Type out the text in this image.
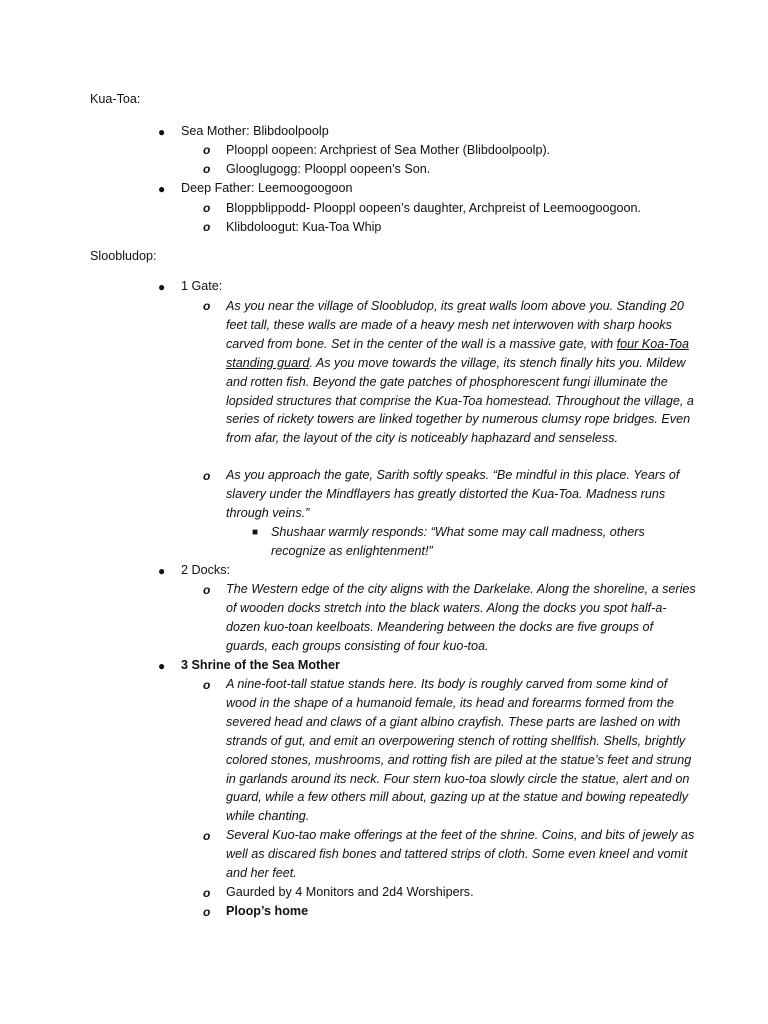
Kua-Toa:
● Sea Mother: Blibdoolpoolp
o Plooppl oopeen: Archpriest of Sea Mother (Blibdoolpoolp).
o Glooglugogg: Plooppl oopeen’s Son.
● Deep Father: Leemoogoogoon
o Bloppblippodd- Plooppl oopeen’s daughter, Archpreist of Leemoogoogoon.
o Klibdoloogut: Kua-Toa Whip
Sloobludop:
● 1 Gate:
o As you near the village of Sloobludop, its great walls loom above you. Standing 20 feet tall, these walls are made of a heavy mesh net interwoven with sharp hooks carved from bone. Set in the center of the wall is a massive gate, with four Koa-Toa standing guard. As you move towards the village, its stench finally hits you. Mildew and rotten fish. Beyond the gate patches of phosphorescent fungi illuminate the lopsided structures that comprise the Kua-Toa homestead. Throughout the village, a series of rickety towers are linked together by numerous clumsy rope bridges. Even from afar, the layout of the city is noticeably haphazard and senseless.

o As you approach the gate, Sarith softly speaks. “Be mindful in this place. Years of slavery under the Mindflayers has greatly distorted the Kua-Toa. Madness runs through veins.”

■ Shushaar warmly responds: “What some may call madness, others recognize as enlightenment!”

● 2 Docks:
o The Western edge of the city aligns with the Darkelake. Along the shoreline, a series of wooden docks stretch into the black waters. Along the docks you spot half-a-dozen kuo-toan keelboats. Meandering between the docks are five groups of guards, each groups consisting of four kuo-toa.

● 3 Shrine of the Sea Mother
o A nine-foot-tall statue stands here. Its body is roughly carved from some kind of wood in the shape of a humanoid female, its head and forearms formed from the severed head and claws of a giant albino crayfish. These parts are lashed on with strands of gut, and emit an overpowering stench of rotting shellfish. Shells, brightly colored stones, mushrooms, and rotting fish are piled at the statue’s feet and strung in garlands around its neck. Four stern kuo-toa slowly circle the statue, alert and on guard, while a few others mill about, gazing up at the statue and bowing repeatedly while chanting.

o Several Kuo-tao make offerings at the feet of the shrine. Coins, and bits of jewely as well as discared fish bones and tattered strips of cloth. Some even kneel and vomit and her feet.

o Gaurded by 4 Monitors and 2d4 Worshipers.
o Ploop’s home
